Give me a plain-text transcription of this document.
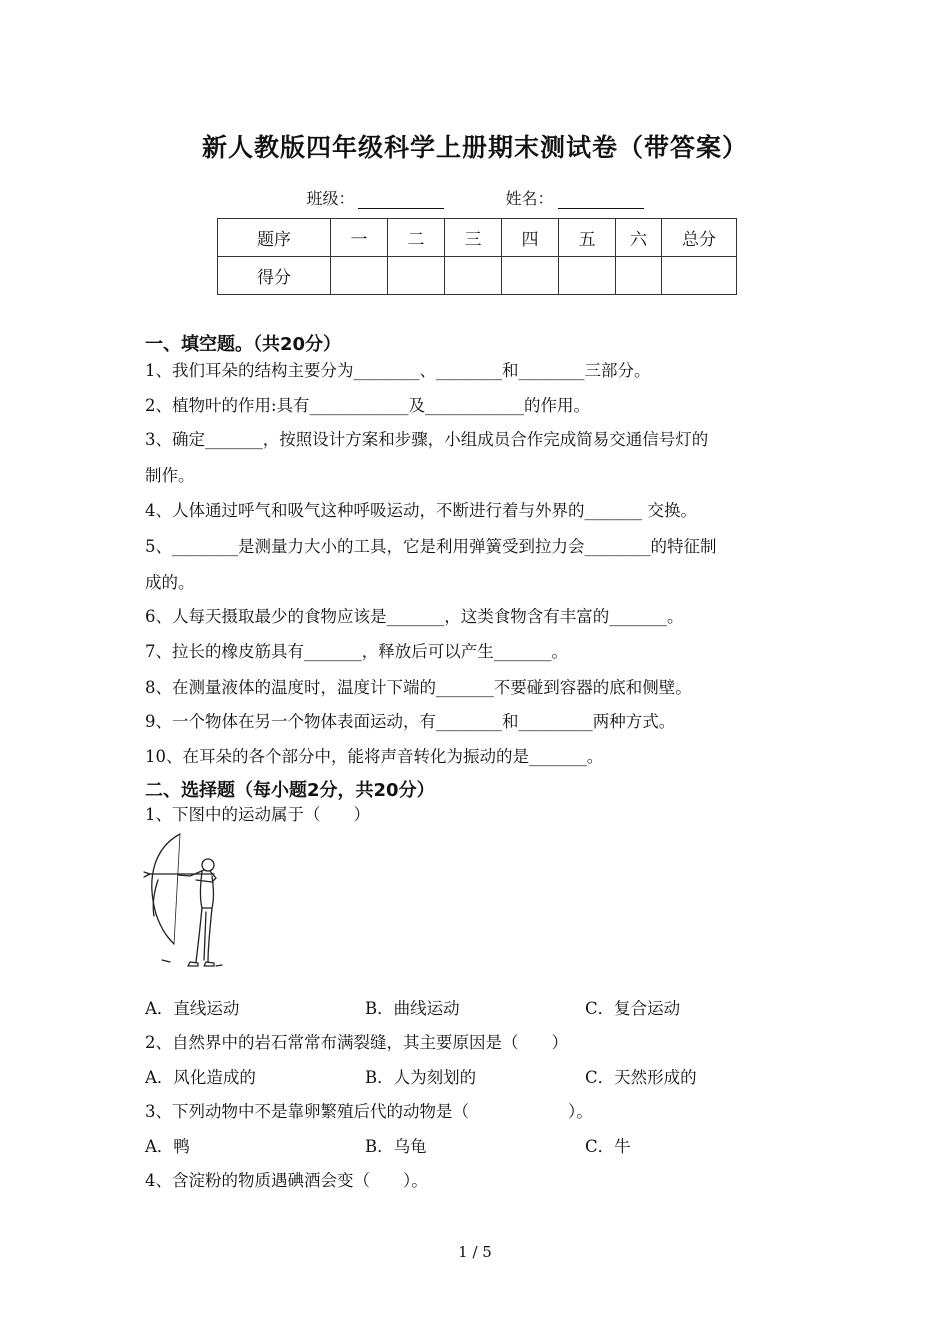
新人教版四年级科学上册期末测试卷（带答案）
班级：	姓名：
题序	一	二	三	四	五	六	总分
得分							
一、填空题。（共20分）
1、我们耳朵的结构主要分为________、________和________三部分。
2、植物叶的作用:具有____________及____________的作用。
3、确定_______，按照设计方案和步骤，小组成员合作完成简易交通信号灯的
制作。
4、人体通过呼气和吸气这种呼吸运动，不断进行着与外界的_______ 交换。
5、________是测量力大小的工具，它是利用弹簧受到拉力会________的特征制
成的。
6、人每天摄取最少的食物应该是_______，这类食物含有丰富的_______。
7、拉长的橡皮筋具有_______，释放后可以产生_______。
8、在测量液体的温度时，温度计下端的_______不要碰到容器的底和侧壁。
9、一个物体在另一个物体表面运动，有________和_________两种方式。
10、在耳朵的各个部分中，能将声音转化为振动的是_______。
二、选择题（每小题2分，共20分）
1、下图中的运动属于（　　）
A．直线运动	B．曲线运动	C．复合运动
2、自然界中的岩石常常布满裂缝，其主要原因是（　　）
A．风化造成的	B．人为刻划的	C．天然形成的
3、下列动物中不是靠卵繁殖后代的动物是（　　　　　　）。
A．鸭	B．乌龟	C．牛
4、含淀粉的物质遇碘酒会变（　　）。
1 / 5
